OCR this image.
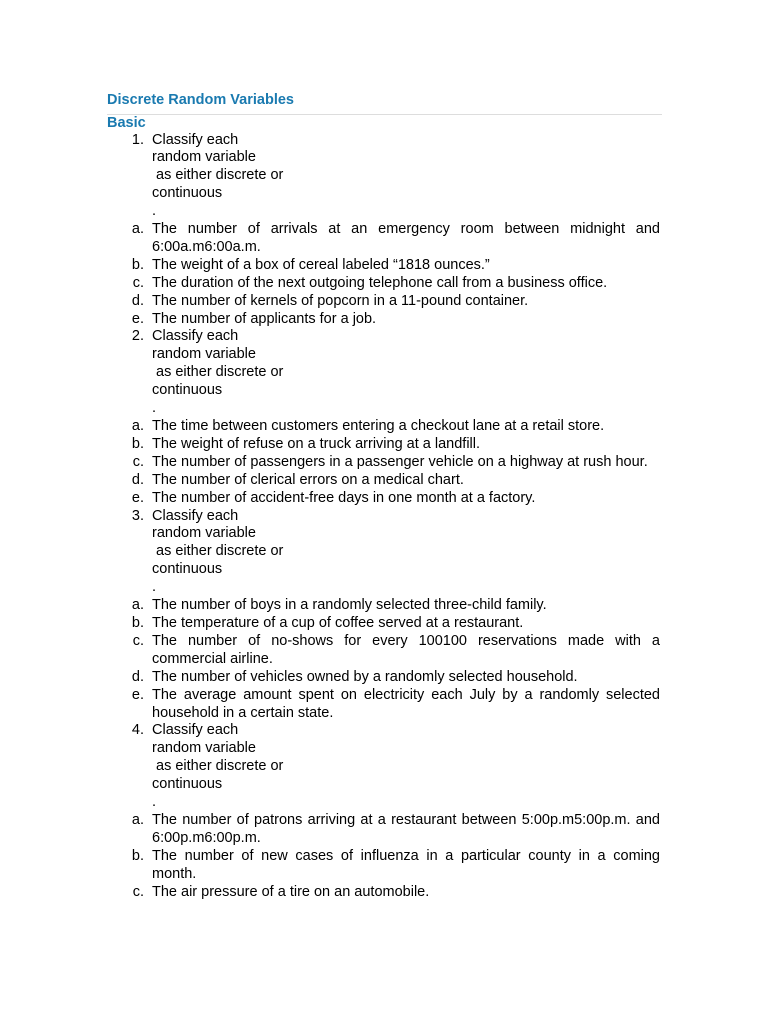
Discrete Random Variables
Basic
1. Classify each
random variable
as either discrete or
continuous
.
a. The number of arrivals at an emergency room between midnight and 6:00a.m6:00a.m.
b. The weight of a box of cereal labeled “1818 ounces.”
c. The duration of the next outgoing telephone call from a business office.
d. The number of kernels of popcorn in a 11-pound container.
e. The number of applicants for a job.
2. Classify each
random variable
as either discrete or
continuous
.
a. The time between customers entering a checkout lane at a retail store.
b. The weight of refuse on a truck arriving at a landfill.
c. The number of passengers in a passenger vehicle on a highway at rush hour.
d. The number of clerical errors on a medical chart.
e. The number of accident-free days in one month at a factory.
3. Classify each
random variable
as either discrete or
continuous
.
a. The number of boys in a randomly selected three-child family.
b. The temperature of a cup of coffee served at a restaurant.
c. The number of no-shows for every 100100 reservations made with a commercial airline.
d. The number of vehicles owned by a randomly selected household.
e. The average amount spent on electricity each July by a randomly selected household in a certain state.
4. Classify each
random variable
as either discrete or
continuous
.
a. The number of patrons arriving at a restaurant between 5:00p.m5:00p.m. and 6:00p.m6:00p.m.
b. The number of new cases of influenza in a particular county in a coming month.
c. The air pressure of a tire on an automobile.
